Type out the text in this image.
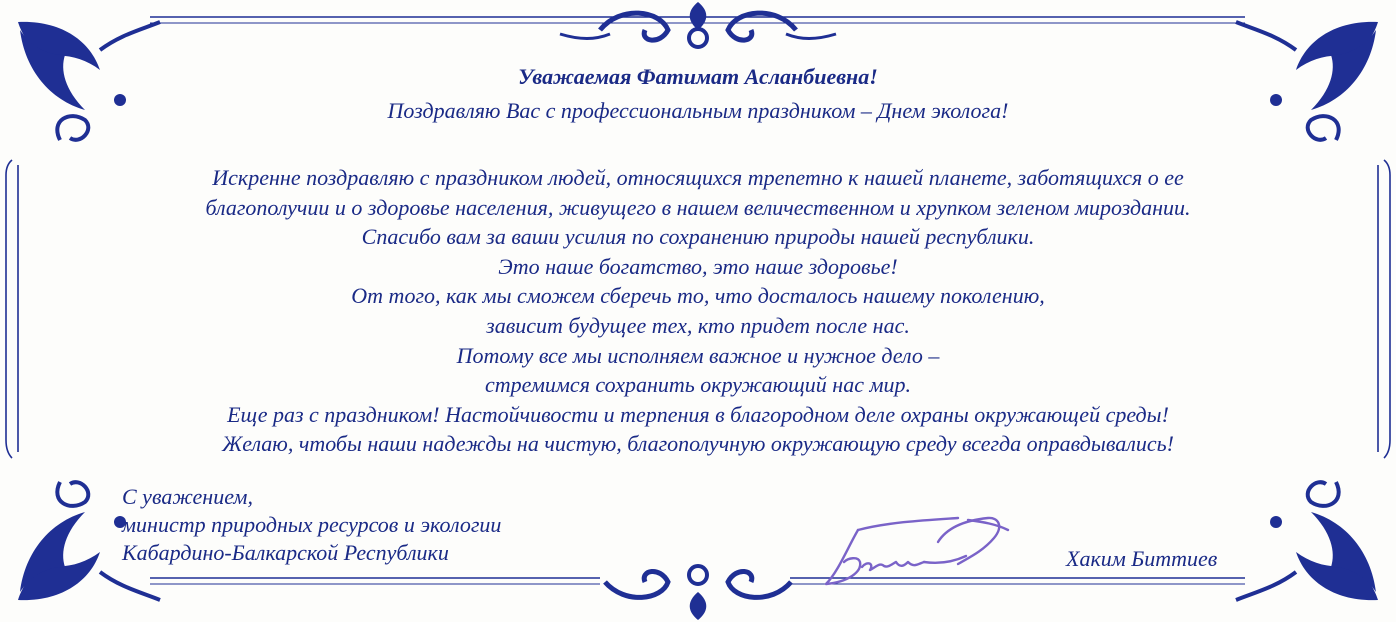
Уважаемая Фатимат Асланбиевна!
Поздравляю Вас с профессиональным праздником – Днем эколога!
Искренне поздравляю с праздником людей, относящихся трепетно к нашей планете, заботящихся о ее
благополучии и о здоровье населения, живущего в нашем величественном и хрупком зеленом мироздании.
Спасибо вам за ваши усилия по сохранению природы нашей республики.
Это наше богатство, это наше здоровье!
От того, как мы сможем сберечь то, что досталось нашему поколению,
зависит будущее тех, кто придет после нас.
Потому все мы исполняем важное и нужное дело –
стремимся сохранить окружающий нас мир.
Еще раз с праздником! Настойчивости и терпения в благородном деле охраны окружающей среды!
Желаю, чтобы наши надежды на чистую, благополучную окружающую среду всегда оправдывались!
С уважением,
министр природных ресурсов и экологии
Кабардино-Балкарской Республики	Хаким Биттиев
